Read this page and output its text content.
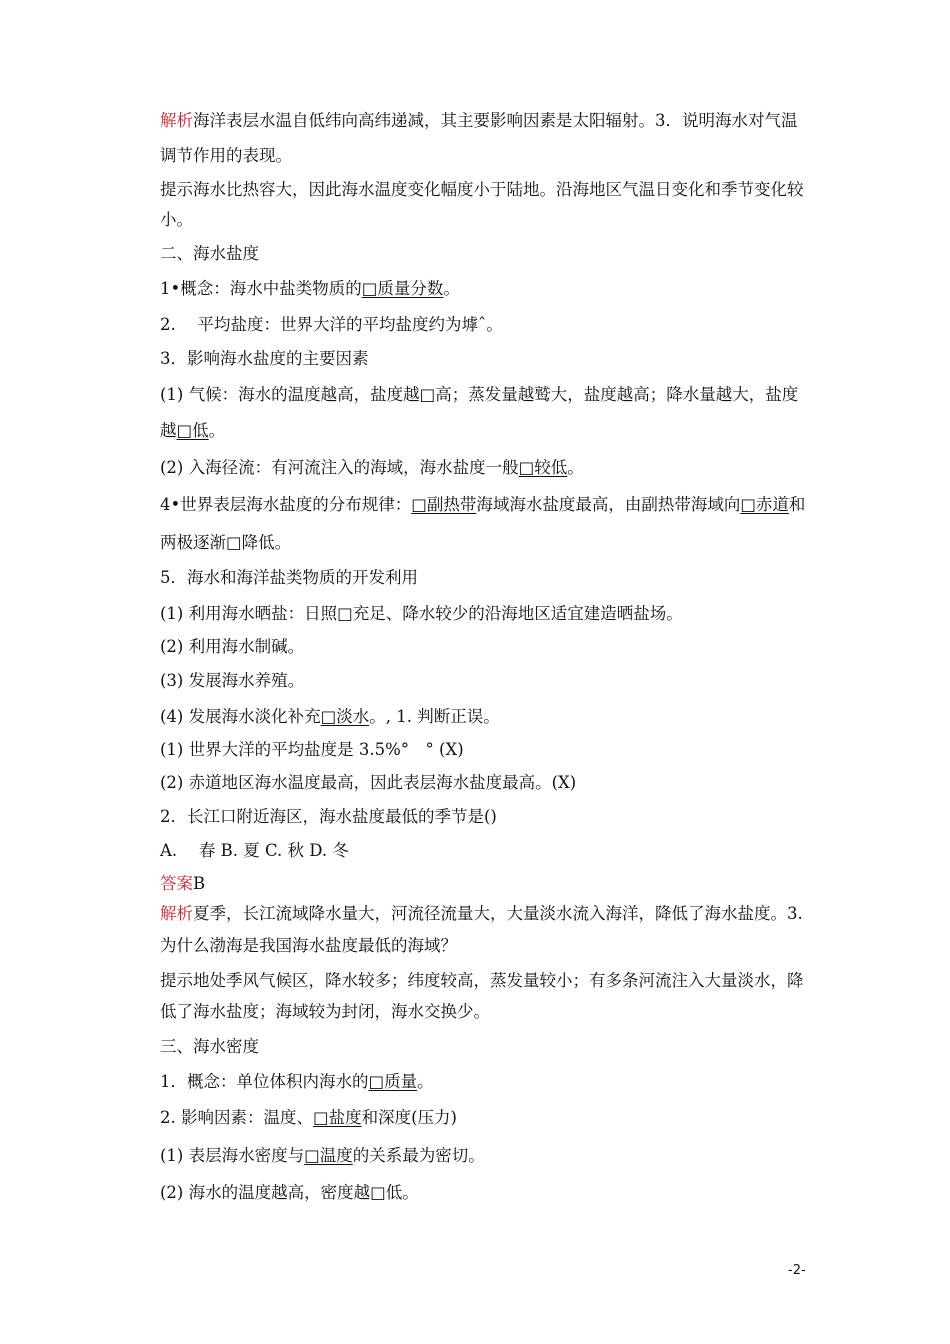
解析海洋表层水温自低纬向高纬递减，其主要影响因素是太阳辐射。3．说明海水对气温
调节作用的表现。
提示海水比热容大，因此海水温度变化幅度小于陆地。沿海地区气温日变化和季节变化较
小。
二、海水盐度
1•概念：海水中盐类物质的□质量分数。
2.　 平均盐度：世界大洋的平均盐度约为㙤ˆ。
3．影响海水盐度的主要因素
(1) 气候：海水的温度越高，盐度越□高；蒸发量越鹫大，盐度越高；降水量越大，盐度
越□低。
(2) 入海径流：有河流注入的海域，海水盐度一般□较低。
4•世界表层海水盐度的分布规律：□副热带海域海水盐度最高，由副热带海域向□赤道和
两极逐渐□降低。
5．海水和海洋盐类物质的开发利用
(1) 利用海水晒盐：日照□充足、降水较少的沿海地区适宜建造晒盐场。
(2) 利用海水制碱。
(3) 发展海水养殖。
(4) 发展海水淡化补充□淡水。, 1. 判断正误。
(1) 世界大洋的平均盐度是 3.5%°　° (X)
(2) 赤道地区海水温度最高，因此表层海水盐度最高。(X)
2．长江口附近海区，海水盐度最低的季节是()
A.　 春 B. 夏 C. 秋 D. 冬
答案B
解析夏季，长江流域降水量大，河流径流量大，大量淡水流入海洋，降低了海水盐度。3.
为什么渤海是我国海水盐度最低的海域？
提示地处季风气候区，降水较多；纬度较高，蒸发量较小；有多条河流注入大量淡水，降
低了海水盐度；海域较为封闭，海水交换少。
三、海水密度
1．概念：单位体积内海水的□质量。
2. 影响因素：温度、□盐度和深度(压力)
(1) 表层海水密度与□温度的关系最为密切。
(2) 海水的温度越高，密度越□低。
-2-
